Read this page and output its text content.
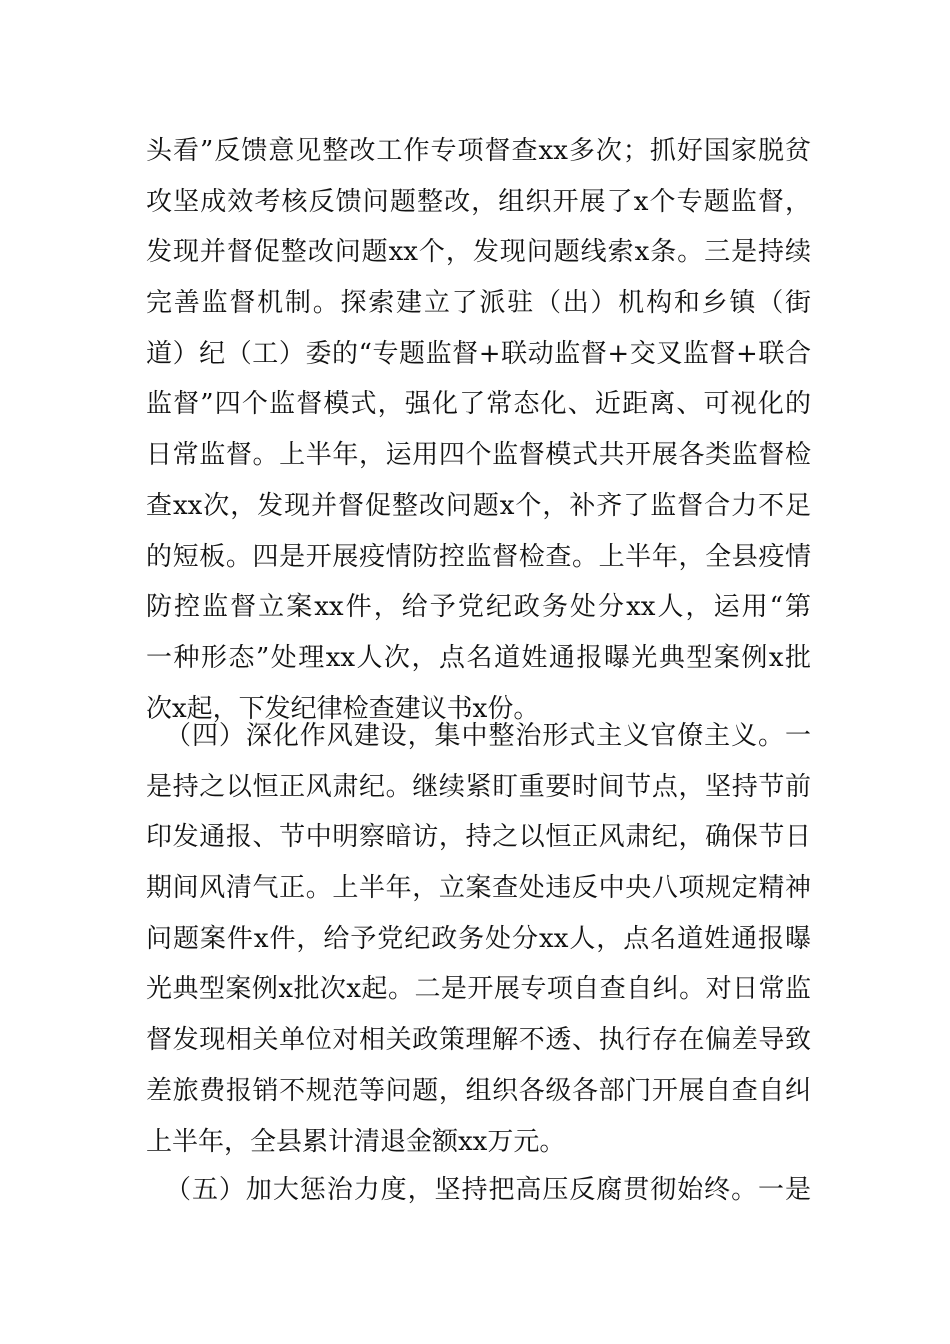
头看”反馈意见整改工作专项督查xx多次；抓好国家脱贫
攻坚成效考核反馈问题整改，组织开展了x个专题监督，
发现并督促整改问题xx个，发现问题线索x条。三是持续
完善监督机制。探索建立了派驻（出）机构和乡镇（街
道）纪（工）委的“专题监督+联动监督+交叉监督+联合
监督”四个监督模式，强化了常态化、近距离、可视化的
日常监督。上半年，运用四个监督模式共开展各类监督检
查xx次，发现并督促整改问题x个，补齐了监督合力不足
的短板。四是开展疫情防控监督检查。上半年，全县疫情
防控监督立案xx件，给予党纪政务处分xx人，运用“第
一种形态”处理xx人次，点名道姓通报曝光典型案例x批
次x起，下发纪律检查建议书x份。
（四）深化作风建设，集中整治形式主义官僚主义。一
是持之以恒正风肃纪。继续紧盯重要时间节点，坚持节前
印发通报、节中明察暗访，持之以恒正风肃纪，确保节日
期间风清气正。上半年，立案查处违反中央八项规定精神
问题案件x件，给予党纪政务处分xx人，点名道姓通报曝
光典型案例x批次x起。二是开展专项自查自纠。对日常监
督发现相关单位对相关政策理解不透、执行存在偏差导致
差旅费报销不规范等问题，组织各级各部门开展自查自纠
上半年，全县累计清退金额xx万元。
（五）加大惩治力度，坚持把高压反腐贯彻始终。一是
